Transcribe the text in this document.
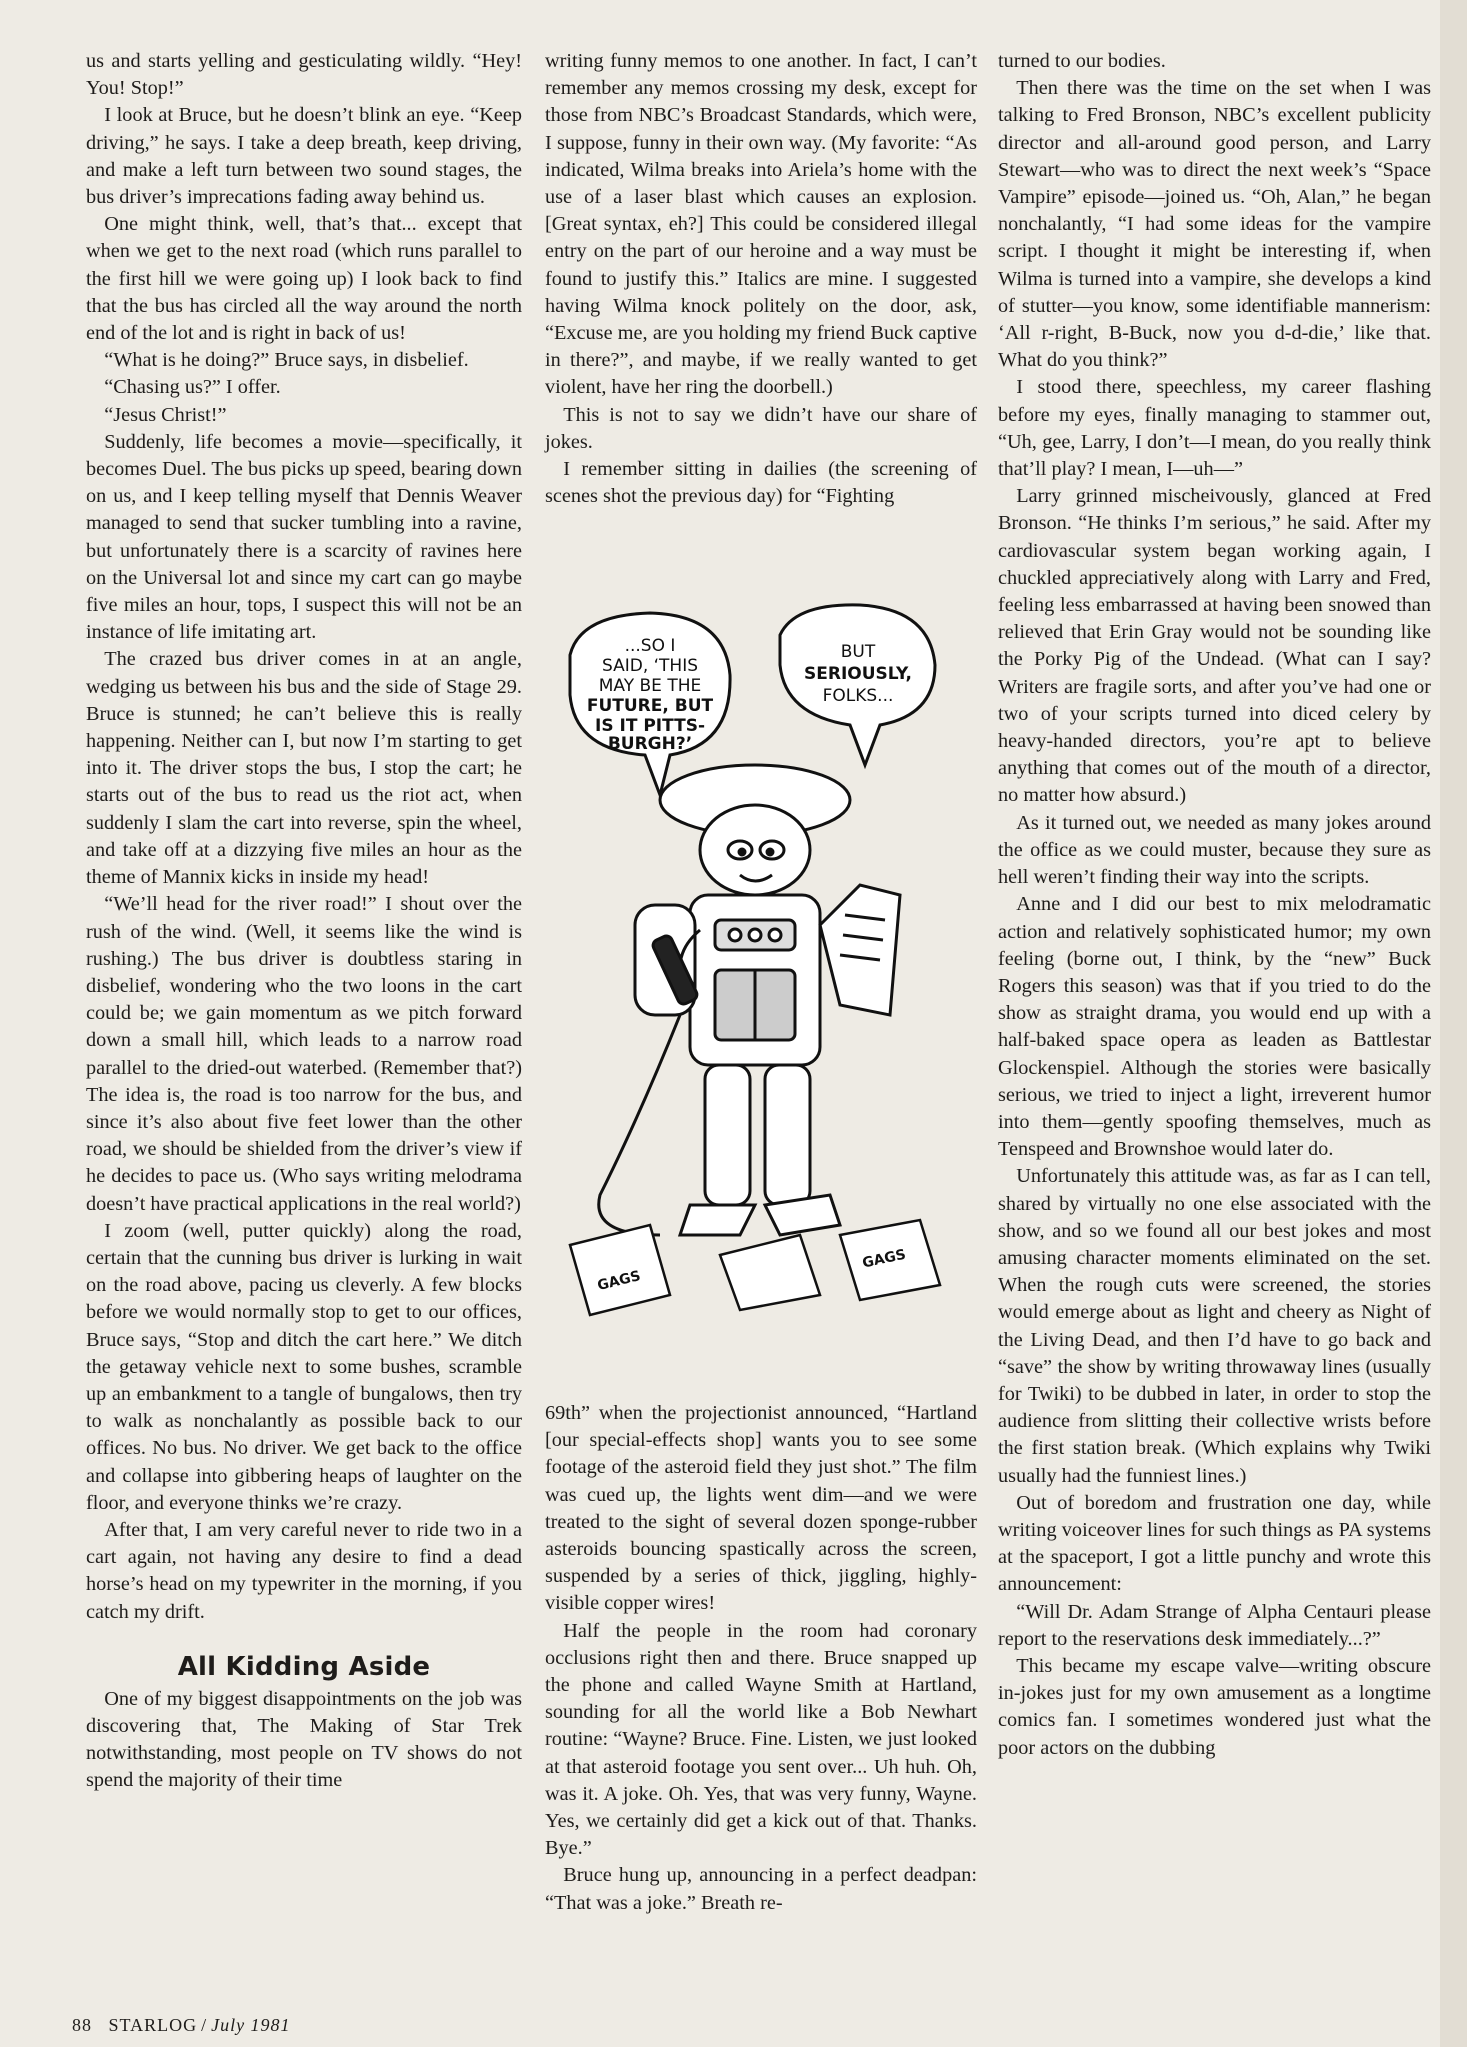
us and starts yelling and gesticulating wildly. “Hey! You! Stop!”

I look at Bruce, but he doesn’t blink an eye. “Keep driving,” he says. I take a deep breath, keep driving, and make a left turn between two sound stages, the bus driver’s imprecations fading away behind us.

One might think, well, that’s that... except that when we get to the next road (which runs parallel to the first hill we were going up) I look back to find that the bus has circled all the way around the north end of the lot and is right in back of us!

“What is he doing?” Bruce says, in disbelief.

“Chasing us?” I offer.

“Jesus Christ!”

Suddenly, life becomes a movie—specifically, it becomes Duel. The bus picks up speed, bearing down on us, and I keep telling myself that Dennis Weaver managed to send that sucker tumbling into a ravine, but unfortunately there is a scarcity of ravines here on the Universal lot and since my cart can go maybe five miles an hour, tops, I suspect this will not be an instance of life imitating art.

The crazed bus driver comes in at an angle, wedging us between his bus and the side of Stage 29. Bruce is stunned; he can’t believe this is really happening. Neither can I, but now I’m starting to get into it. The driver stops the bus, I stop the cart; he starts out of the bus to read us the riot act, when suddenly I slam the cart into reverse, spin the wheel, and take off at a dizzying five miles an hour as the theme of Mannix kicks in inside my head!

“We’ll head for the river road!” I shout over the rush of the wind. (Well, it seems like the wind is rushing.) The bus driver is doubtless staring in disbelief, wondering who the two loons in the cart could be; we gain momentum as we pitch forward down a small hill, which leads to a narrow road parallel to the dried-out waterbed. (Remember that?) The idea is, the road is too narrow for the bus, and since it’s also about five feet lower than the other road, we should be shielded from the driver’s view if he decides to pace us. (Who says writing melodrama doesn’t have practical applications in the real world?)

I zoom (well, putter quickly) along the road, certain that the cunning bus driver is lurking in wait on the road above, pacing us cleverly. A few blocks before we would normally stop to get to our offices, Bruce says, “Stop and ditch the cart here.” We ditch the getaway vehicle next to some bushes, scramble up an embankment to a tangle of bungalows, then try to walk as nonchalantly as possible back to our offices. No bus. No driver. We get back to the office and collapse into gibbering heaps of laughter on the floor, and everyone thinks we’re crazy.

After that, I am very careful never to ride two in a cart again, not having any desire to find a dead horse’s head on my typewriter in the morning, if you catch my drift.

All Kidding Aside

One of my biggest disappointments on the job was discovering that, The Making of Star Trek notwithstanding, most people on TV shows do not spend the majority of their time

writing funny memos to one another. In fact, I can’t remember any memos crossing my desk, except for those from NBC’s Broadcast Standards, which were, I suppose, funny in their own way. (My favorite: “As indicated, Wilma breaks into Ariela’s home with the use of a laser blast which causes an explosion. [Great syntax, eh?] This could be considered illegal entry on the part of our heroine and a way must be found to justify this.” Italics are mine. I suggested having Wilma knock politely on the door, ask, “Excuse me, are you holding my friend Buck captive in there?”, and maybe, if we really wanted to get violent, have her ring the doorbell.)

This is not to say we didn’t have our share of jokes.

I remember sitting in dailies (the screening of scenes shot the previous day) for “Fighting

...SO I
SAID, ‘THIS
MAY BE THE
FUTURE, BUT
IS IT PITTS-
BURGH?’
BUT
SERIOUSLY,
FOLKS...
GAGS
GAGS

69th” when the projectionist announced, “Hartland [our special-effects shop] wants you to see some footage of the asteroid field they just shot.” The film was cued up, the lights went dim—and we were treated to the sight of several dozen sponge-rubber asteroids bouncing spastically across the screen, suspended by a series of thick, jiggling, highly-visible copper wires!

Half the people in the room had coronary occlusions right then and there. Bruce snapped up the phone and called Wayne Smith at Hartland, sounding for all the world like a Bob Newhart routine: “Wayne? Bruce. Fine. Listen, we just looked at that asteroid footage you sent over... Uh huh. Oh, was it. A joke. Oh. Yes, that was very funny, Wayne. Yes, we certainly did get a kick out of that. Thanks. Bye.”

Bruce hung up, announcing in a perfect deadpan: “That was a joke.” Breath re-

turned to our bodies.

Then there was the time on the set when I was talking to Fred Bronson, NBC’s excellent publicity director and all-around good person, and Larry Stewart—who was to direct the next week’s “Space Vampire” episode—joined us. “Oh, Alan,” he began nonchalantly, “I had some ideas for the vampire script. I thought it might be interesting if, when Wilma is turned into a vampire, she develops a kind of stutter—you know, some identifiable mannerism: ‘All r-right, B-Buck, now you d-d-die,’ like that. What do you think?”

I stood there, speechless, my career flashing before my eyes, finally managing to stammer out, “Uh, gee, Larry, I don’t—I mean, do you really think that’ll play? I mean, I—uh—”

Larry grinned mischeivously, glanced at Fred Bronson. “He thinks I’m serious,” he said. After my cardiovascular system began working again, I chuckled appreciatively along with Larry and Fred, feeling less embarrassed at having been snowed than relieved that Erin Gray would not be sounding like the Porky Pig of the Undead. (What can I say? Writers are fragile sorts, and after you’ve had one or two of your scripts turned into diced celery by heavy-handed directors, you’re apt to believe anything that comes out of the mouth of a director, no matter how absurd.)

As it turned out, we needed as many jokes around the office as we could muster, because they sure as hell weren’t finding their way into the scripts.

Anne and I did our best to mix melodramatic action and relatively sophisticated humor; my own feeling (borne out, I think, by the “new” Buck Rogers this season) was that if you tried to do the show as straight drama, you would end up with a half-baked space opera as leaden as Battlestar Glockenspiel. Although the stories were basically serious, we tried to inject a light, irreverent humor into them—gently spoofing themselves, much as Tenspeed and Brownshoe would later do.

Unfortunately this attitude was, as far as I can tell, shared by virtually no one else associated with the show, and so we found all our best jokes and most amusing character moments eliminated on the set. When the rough cuts were screened, the stories would emerge about as light and cheery as Night of the Living Dead, and then I’d have to go back and “save” the show by writing throwaway lines (usually for Twiki) to be dubbed in later, in order to stop the audience from slitting their collective wrists before the first station break. (Which explains why Twiki usually had the funniest lines.)

Out of boredom and frustration one day, while writing voiceover lines for such things as PA systems at the spaceport, I got a little punchy and wrote this announcement:

“Will Dr. Adam Strange of Alpha Centauri please report to the reservations desk immediately...?”

This became my escape valve—writing obscure in-jokes just for my own amusement as a longtime comics fan. I sometimes wondered just what the poor actors on the dubbing

88 STARLOG / July 1981
